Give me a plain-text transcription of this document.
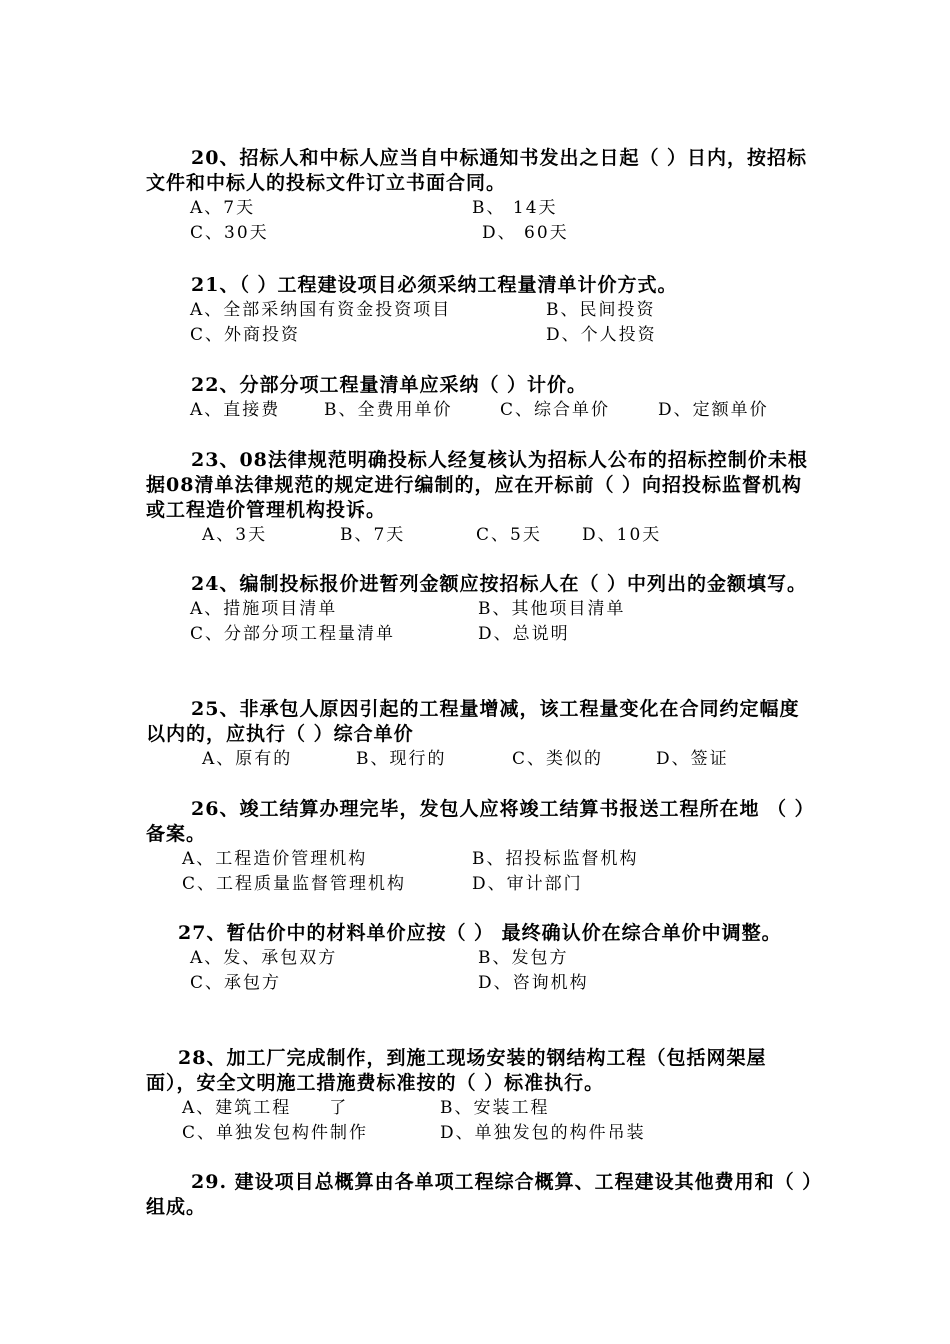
20、招标人和中标人应当自中标通知书发出之日起（ ）日内，按招标文件和中标人的投标文件订立书面合同。

A、7天	B、 14天
C、30天	D、 60天

21、（ ）工程建设项目必须采纳工程量清单计价方式。

A、全部采纳国有资金投资项目	B、民间投资
C、外商投资	D、个人投资

22、分部分项工程量清单应采纳（ ）计价。

A、直接费	B、全费用单价	C、综合单价	D、定额单价

23、08法律规范明确投标人经复核认为招标人公布的招标控制价未根据08清单法律规范的规定进行编制的，应在开标前（ ）向招投标监督机构或工程造价管理机构投诉。

A、3天	B、7天	C、5天 D、10天

24、编制投标报价进暂列金额应按招标人在（ ）中列出的金额填写。

A、措施项目清单	B、其他项目清单
C、分部分项工程量清单	D、总说明

25、非承包人原因引起的工程量增减，该工程量变化在合同约定幅度以内的，应执行（ ）综合单价

A、原有的	B、现行的	C、类似的	D、签证

26、竣工结算办理完毕，发包人应将竣工结算书报送工程所在地 （ ）备案。

A、工程造价管理机构	B、招投标监督机构
C、工程质量监督管理机构	D、审计部门

27、暂估价中的材料单价应按（ ） 最终确认价在综合单价中调整。

A、发、承包双方	B、发包方
C、承包方	D、咨询机构

28、加工厂完成制作，到施工现场安装的钢结构工程（包括网架屋面），安全文明施工措施费标准按的（ ）标准执行。

A、建筑工程　　了	B、安装工程
C、单独发包构件制作	D、单独发包的构件吊装

29. 建设项目总概算由各单项工程综合概算、工程建设其他费用和（ ）组成。
